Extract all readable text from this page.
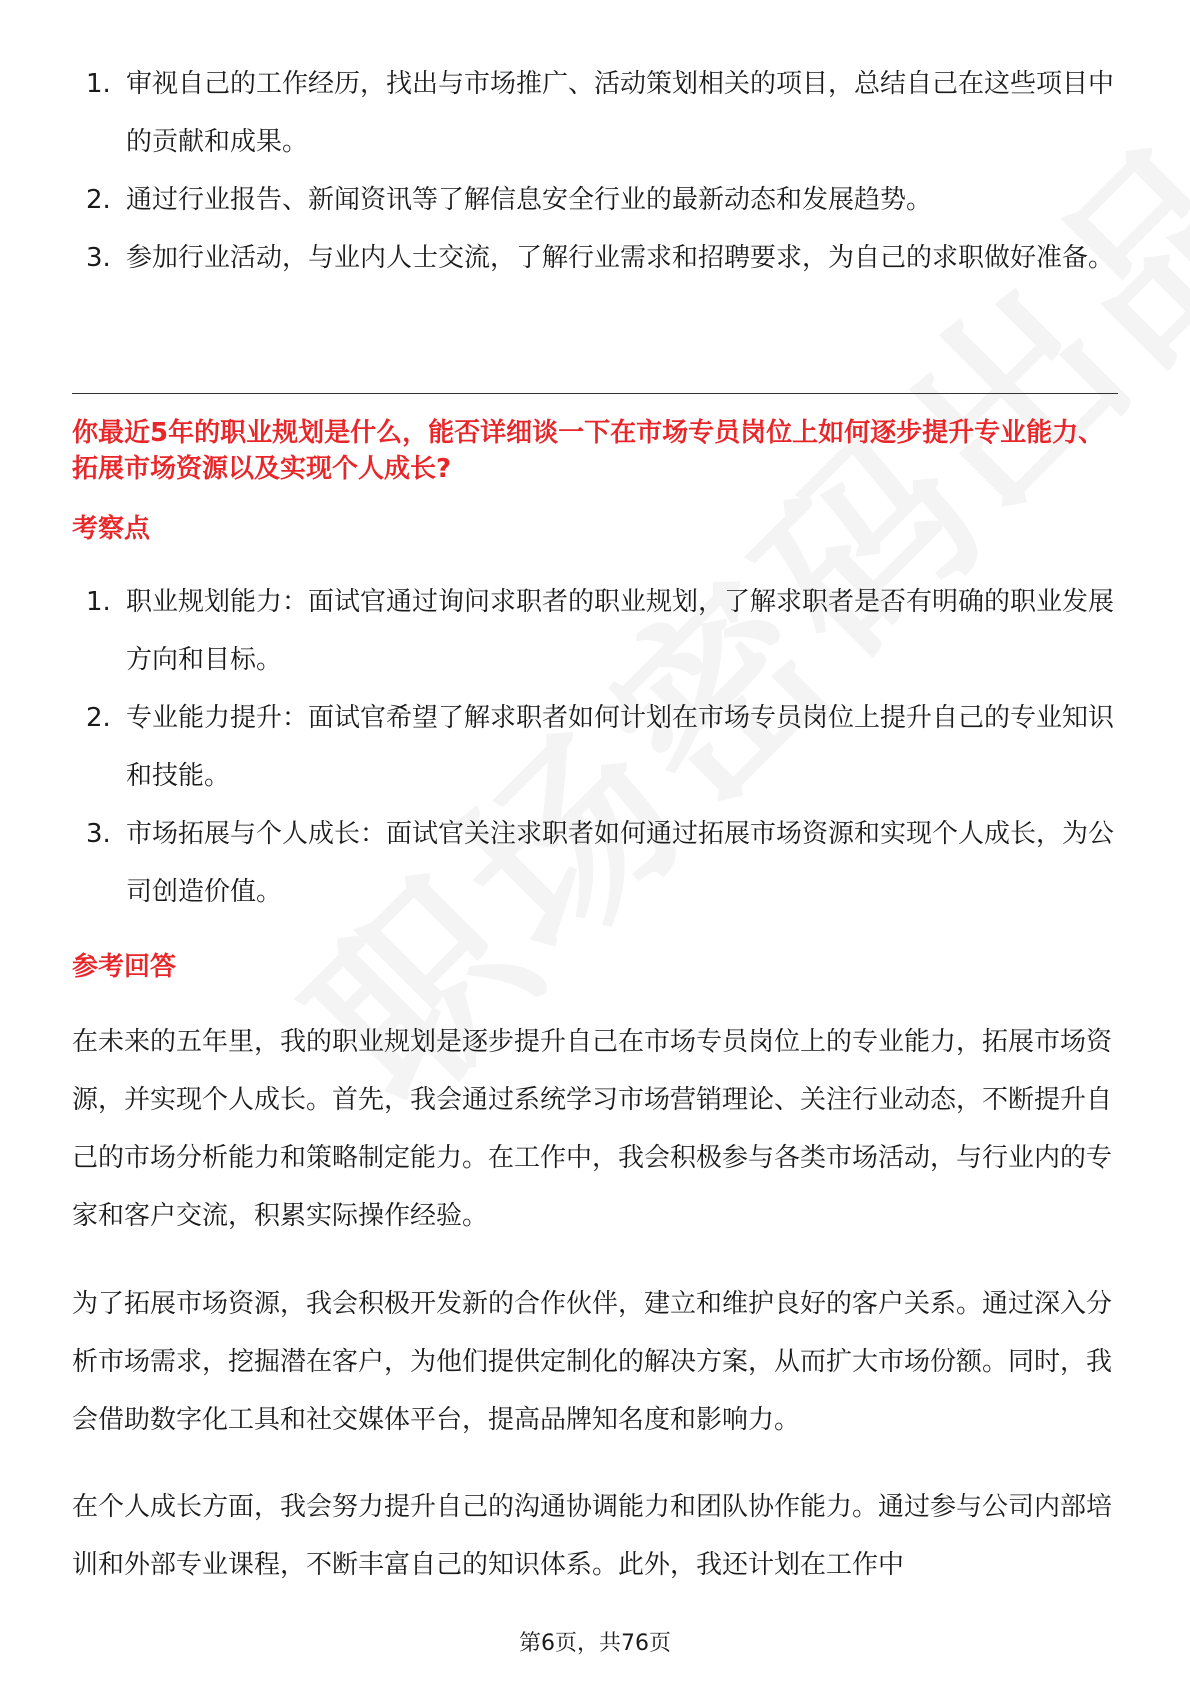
1. 审视自己的工作经历，找出与市场推广、活动策划相关的项目，总结自己在这些项目中的贡献和成果。
2. 通过行业报告、新闻资讯等了解信息安全行业的最新动态和发展趋势。
3. 参加行业活动，与业内人士交流，了解行业需求和招聘要求，为自己的求职做好准备。
你最近5年的职业规划是什么，能否详细谈一下在市场专员岗位上如何逐步提升专业能力、拓展市场资源以及实现个人成长?
考察点
1. 职业规划能力：面试官通过询问求职者的职业规划，了解求职者是否有明确的职业发展方向和目标。
2. 专业能力提升：面试官希望了解求职者如何计划在市场专员岗位上提升自己的专业知识和技能。
3. 市场拓展与个人成长：面试官关注求职者如何通过拓展市场资源和实现个人成长，为公司创造价值。
参考回答

在未来的五年里，我的职业规划是逐步提升自己在市场专员岗位上的专业能力，拓展市场资源，并实现个人成长。首先，我会通过系统学习市场营销理论、关注行业动态，不断提升自己的市场分析能力和策略制定能力。在工作中，我会积极参与各类市场活动，与行业内的专家和客户交流，积累实际操作经验。

为了拓展市场资源，我会积极开发新的合作伙伴，建立和维护良好的客户关系。通过深入分析市场需求，挖掘潜在客户，为他们提供定制化的解决方案，从而扩大市场份额。同时，我会借助数字化工具和社交媒体平台，提高品牌知名度和影响力。

在个人成长方面，我会努力提升自己的沟通协调能力和团队协作能力。通过参与公司内部培训和外部专业课程，不断丰富自己的知识体系。此外，我还计划在工作中

第6页，共76页
